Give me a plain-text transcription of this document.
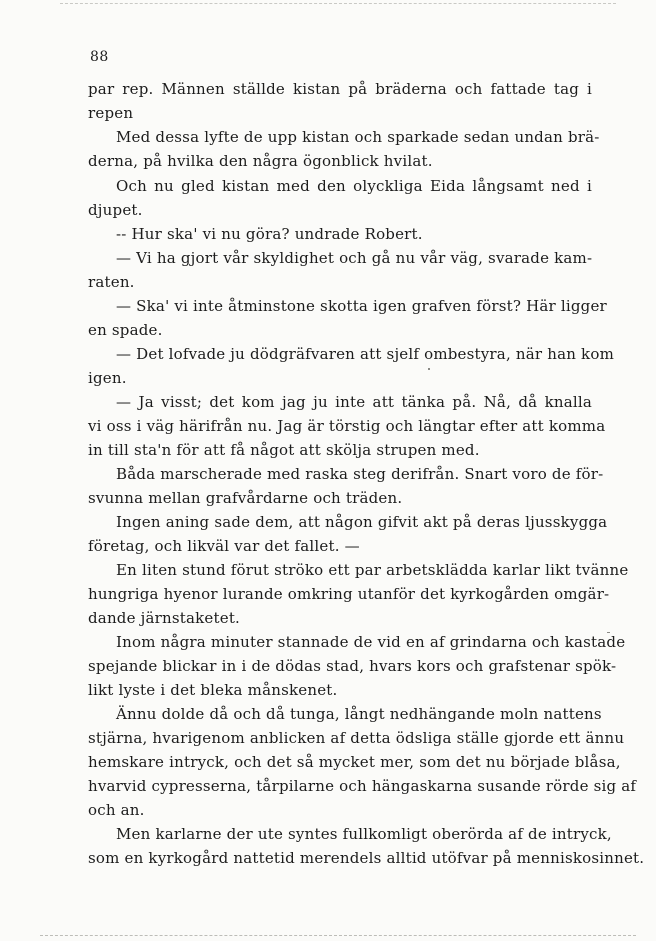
88
par rep. Männen ställde kistan på bräderna och fattade tag i
repen
Med dessa lyfte de upp kistan och sparkade sedan undan brä-
derna, på hvilka den några ögonblick hvilat.
Och nu gled kistan med den olyckliga Eida långsamt ned i
djupet.
-- Hur ska' vi nu göra? undrade Robert.
— Vi ha gjort vår skyldighet och gå nu vår väg, svarade kam-
raten.
— Ska' vi inte åtminstone skotta igen grafven först? Här ligger
en spade.
— Det lofvade ju dödgräfvaren att sjelf ombestyra, när han kom
igen.
— Ja visst; det kom jag ju inte att tänka på. Nå, då knalla
vi oss i väg härifrån nu. Jag är törstig och längtar efter att komma
in till sta'n för att få något att skölja strupen med.
Båda marscherade med raska steg derifrån. Snart voro de för-
svunna mellan grafvårdarne och träden.
Ingen aning sade dem, att någon gifvit akt på deras ljusskygga
företag, och likväl var det fallet. —
En liten stund förut ströko ett par arbetsklädda karlar likt tvänne
hungriga hyenor lurande omkring utanför det kyrkogården omgär-
dande järnstaketet.
Inom några minuter stannade de vid en af grindarna och kastade
spejande blickar in i de dödas stad, hvars kors och grafstenar spök-
likt lyste i det bleka månskenet.
Ännu dolde då och då tunga, långt nedhängande moln nattens
stjärna, hvarigenom anblicken af detta ödsliga ställe gjorde ett ännu
hemskare intryck, och det så mycket mer, som det nu började blåsa,
hvarvid cypresserna, tårpilarne och hängaskarna susande rörde sig af
och an.
Men karlarne der ute syntes fullkomligt oberörda af de intryck,
som en kyrkogård nattetid merendels alltid utöfvar på menniskosinnet.
